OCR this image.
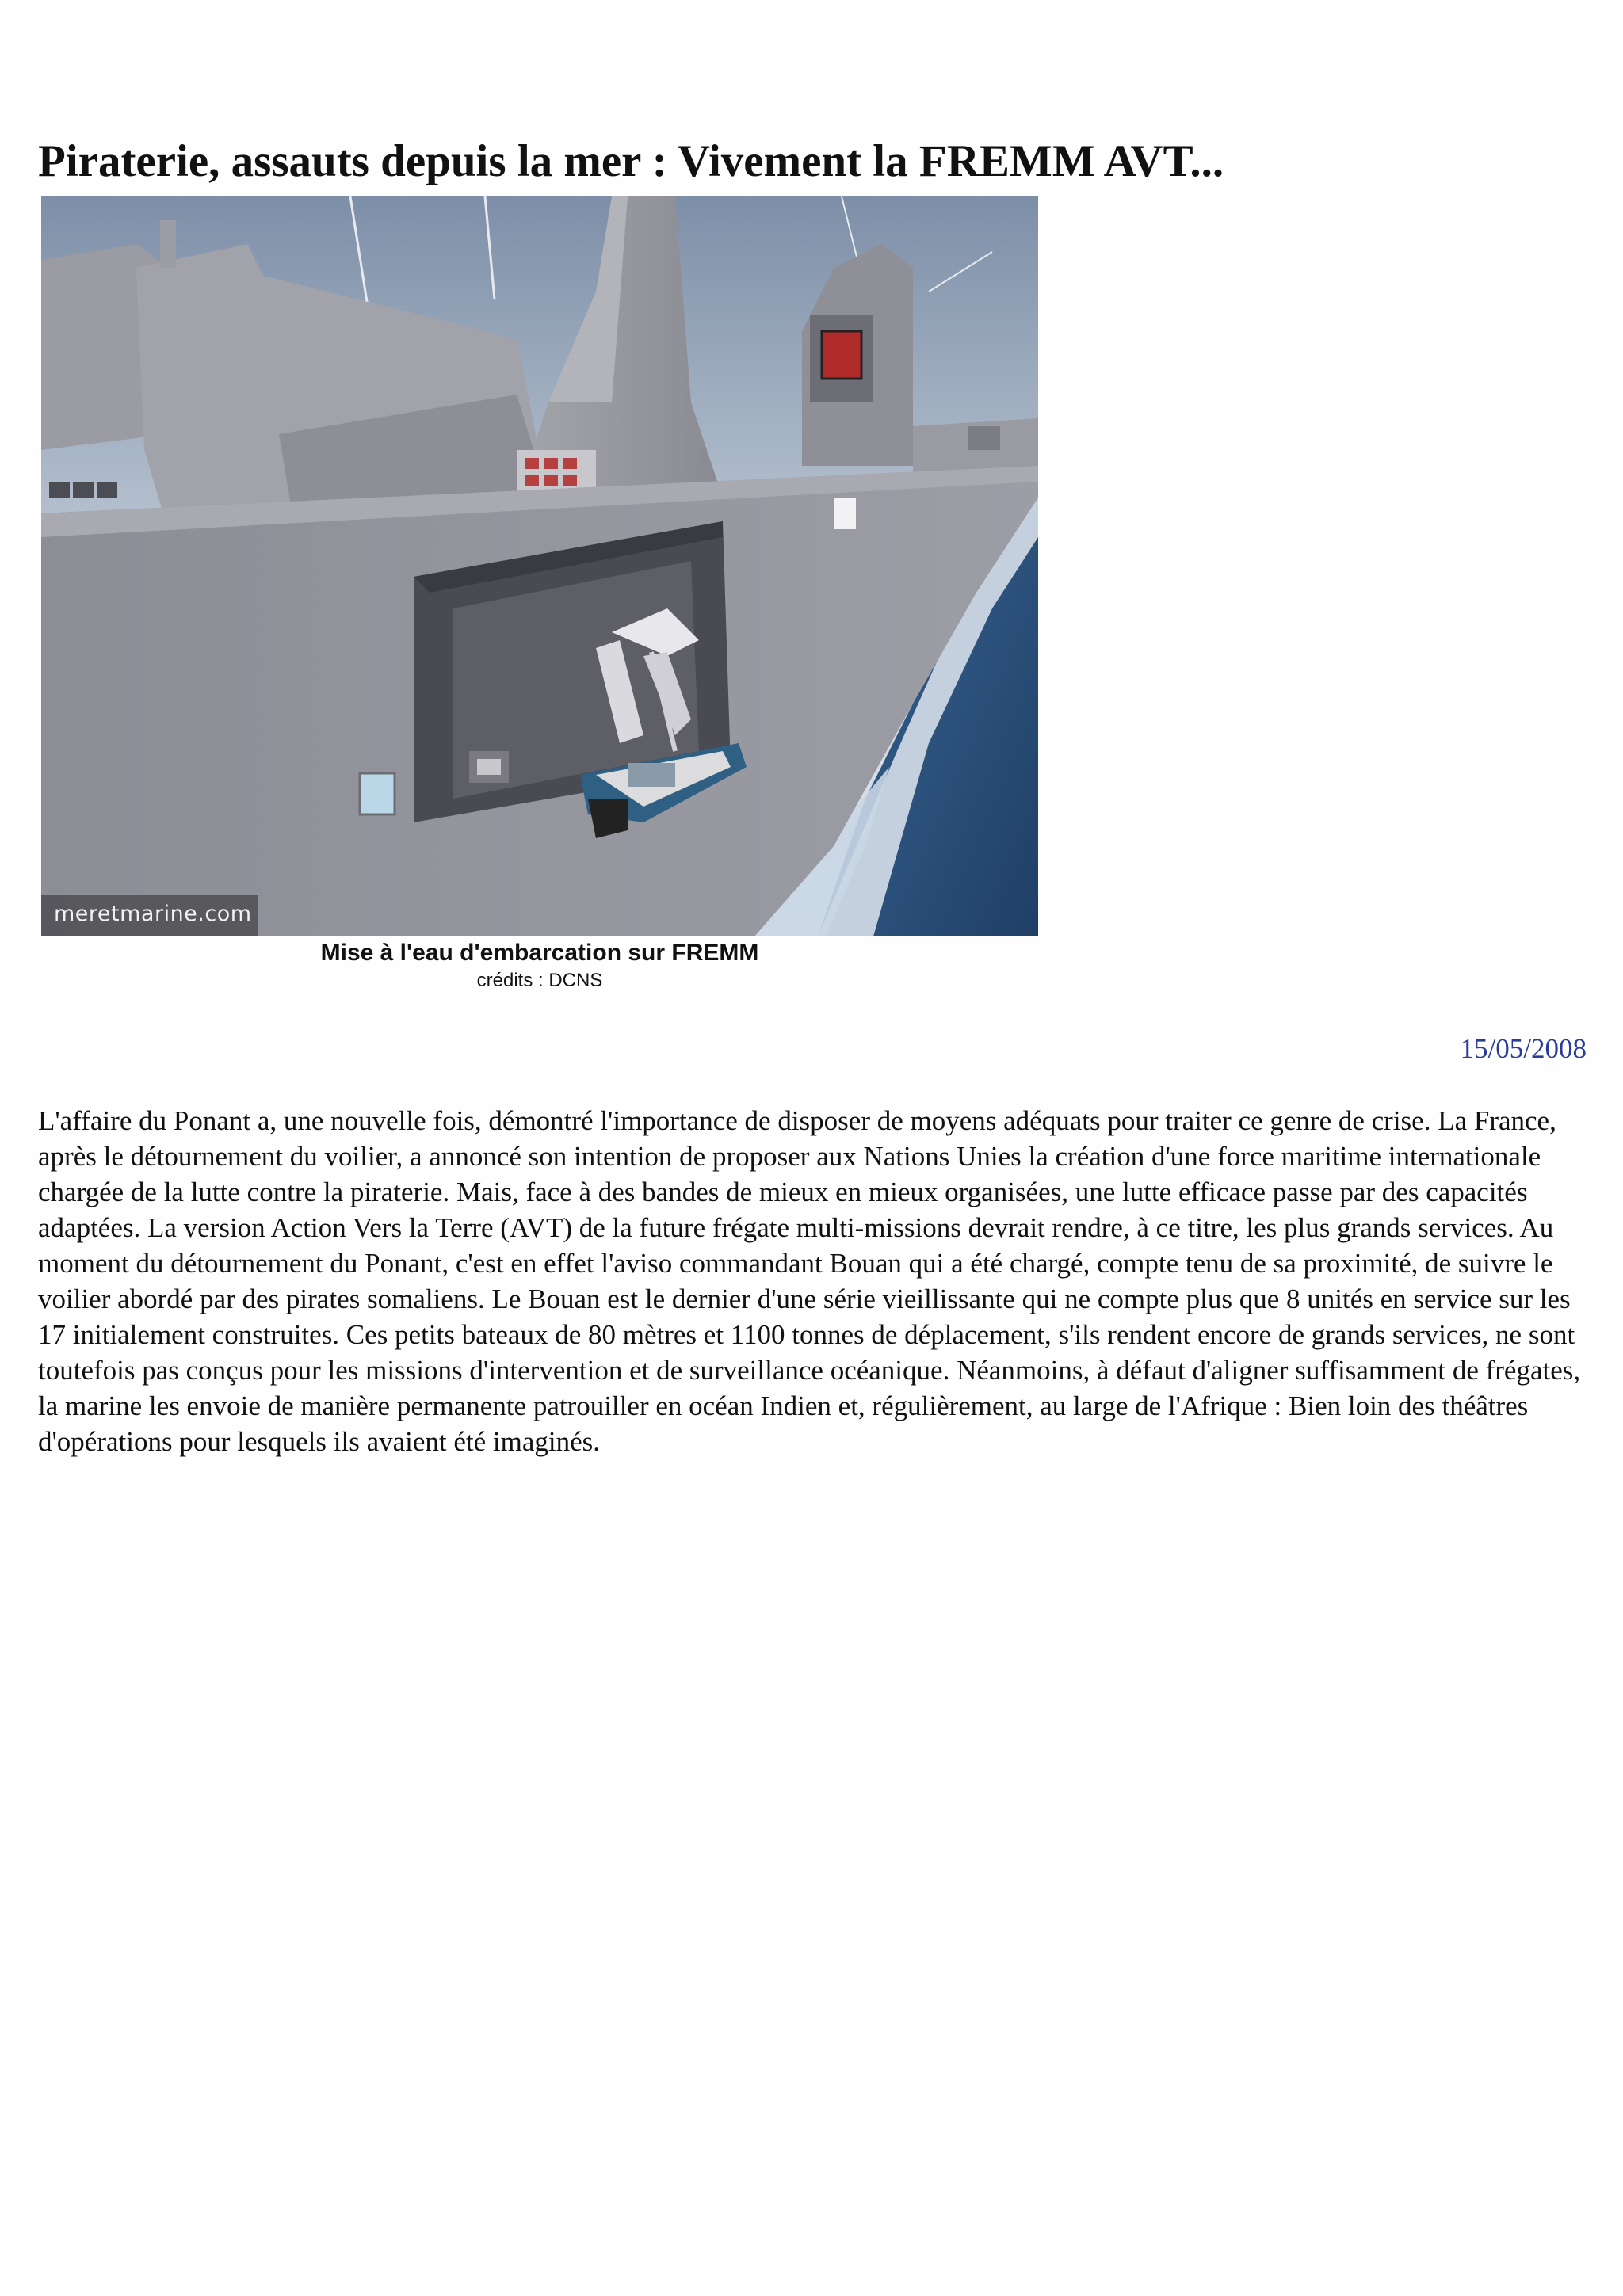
Piraterie, assauts depuis la mer : Vivement la FREMM AVT...
meretmarine.com
Mise à l'eau d'embarcation sur FREMM
crédits : DCNS
15/05/2008

L'affaire du Ponant a, une nouvelle fois, démontré l'importance de disposer de moyens adéquats pour traiter ce genre de crise. La France, après le détournement du voilier, a annoncé son intention de proposer aux Nations Unies la création d'une force maritime internationale chargée de la lutte contre la piraterie. Mais, face à des bandes de mieux en mieux organisées, une lutte efficace passe par des capacités adaptées. La version Action Vers la Terre (AVT) de la future frégate multi-missions devrait rendre, à ce titre, les plus grands services. Au moment du détournement du Ponant, c'est en effet l'aviso commandant Bouan qui a été chargé, compte tenu de sa proximité, de suivre le voilier abordé par des pirates somaliens. Le Bouan est le dernier d'une série vieillissante qui ne compte plus que 8 unités en service sur les 17 initialement construites. Ces petits bateaux de 80 mètres et 1100 tonnes de déplacement, s'ils rendent encore de grands services, ne sont toutefois pas conçus pour les missions d'intervention et de surveillance océanique. Néanmoins, à défaut d'aligner suffisamment de frégates, la marine les envoie de manière permanente patrouiller en océan Indien et, régulièrement, au large de l'Afrique : Bien loin des théâtres d'opérations pour lesquels ils avaient été imaginés.
